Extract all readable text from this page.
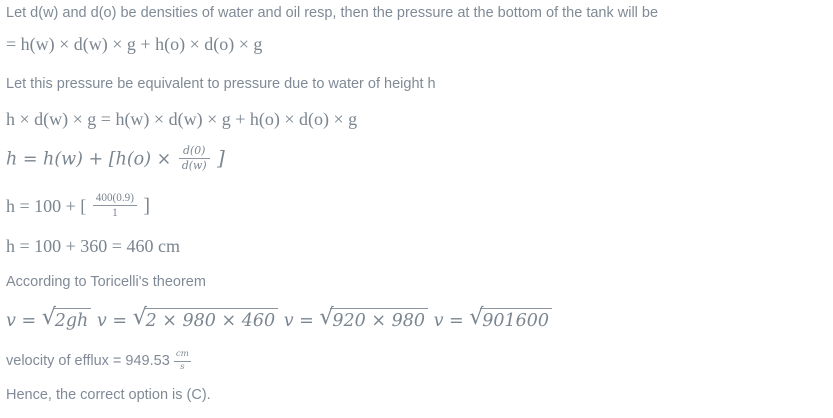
Let d(w) and d(o) be densities of water and oil resp, then the pressure at the bottom of the tank will be
= h(w) × d(w) × g + h(o) × d(o) × g
Let this pressure be equivalent to pressure due to water of height h
h × d(w) × g = h(w) × d(w) × g + h(o) × d(o) × g
$h = h(w) + [h(o) \times \frac{d(0)}{d(w)}$ ]
h = 100 + [ $\frac{400(0.9)}{1}$ ]
h = 100 + 360 = 460 cm
According to Toricelli's theorem
v = √
2gh v = √
2 × 980 × 460 v = √
920 × 980 v = √
901600
velocity of efflux = $949.53 \frac{cm}{s}$
Hence, the correct option is (C).
